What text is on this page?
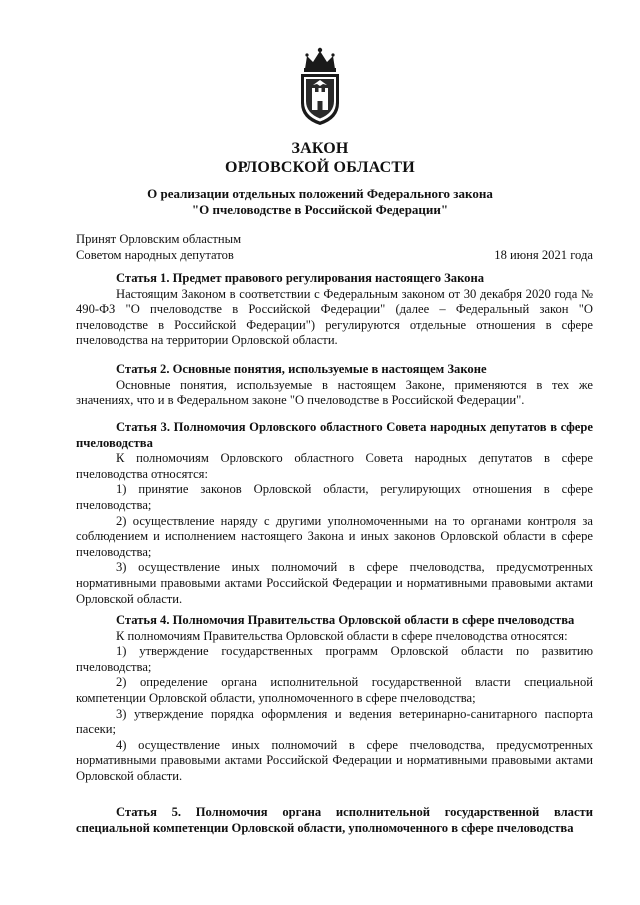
ЗАКОН
ОРЛОВСКОЙ ОБЛАСТИ
О реализации отдельных положений Федерального закона
"О пчеловодстве в Российской Федерации"
Принят Орловским областным
Советом народных депутатов	18 июня 2021 года

Статья 1. Предмет правового регулирования настоящего Закона

Настоящим Законом в соответствии с Федеральным законом от 30 декабря 2020 года № 490-ФЗ "О пчеловодстве в Российской Федерации" (далее – Федеральный закон "О пчеловодстве в Российской Федерации") регулируются отдельные отношения в сфере пчеловодства на территории Орловской области.

Статья 2. Основные понятия, используемые в настоящем Законе

Основные понятия, используемые в настоящем Законе, применяются в тех же значениях, что и в Федеральном законе "О пчеловодстве в Российской Федерации".

Статья 3. Полномочия Орловского областного Совета народных депутатов в сфере пчеловодства

К полномочиям Орловского областного Совета народных депутатов в сфере пчеловодства относятся:

1) принятие законов Орловской области, регулирующих отношения в сфере пчеловодства;

2) осуществление наряду с другими уполномоченными на то органами контроля за соблюдением и исполнением настоящего Закона и иных законов Орловской области в сфере пчеловодства;

3) осуществление иных полномочий в сфере пчеловодства, предусмотренных нормативными правовыми актами Российской Федерации и нормативными правовыми актами Орловской области.

Статья 4. Полномочия Правительства Орловской области в сфере пчеловодства

К полномочиям Правительства Орловской области в сфере пчеловодства относятся:

1) утверждение государственных программ Орловской области по развитию пчеловодства;

2) определение органа исполнительной государственной власти специальной компетенции Орловской области, уполномоченного в сфере пчеловодства;

3) утверждение порядка оформления и ведения ветеринарно-санитарного паспорта пасеки;

4) осуществление иных полномочий в сфере пчеловодства, предусмотренных нормативными правовыми актами Российской Федерации и нормативными правовыми актами Орловской области.

Статья 5. Полномочия органа исполнительной государственной власти специальной компетенции Орловской области, уполномоченного в сфере пчеловодства
